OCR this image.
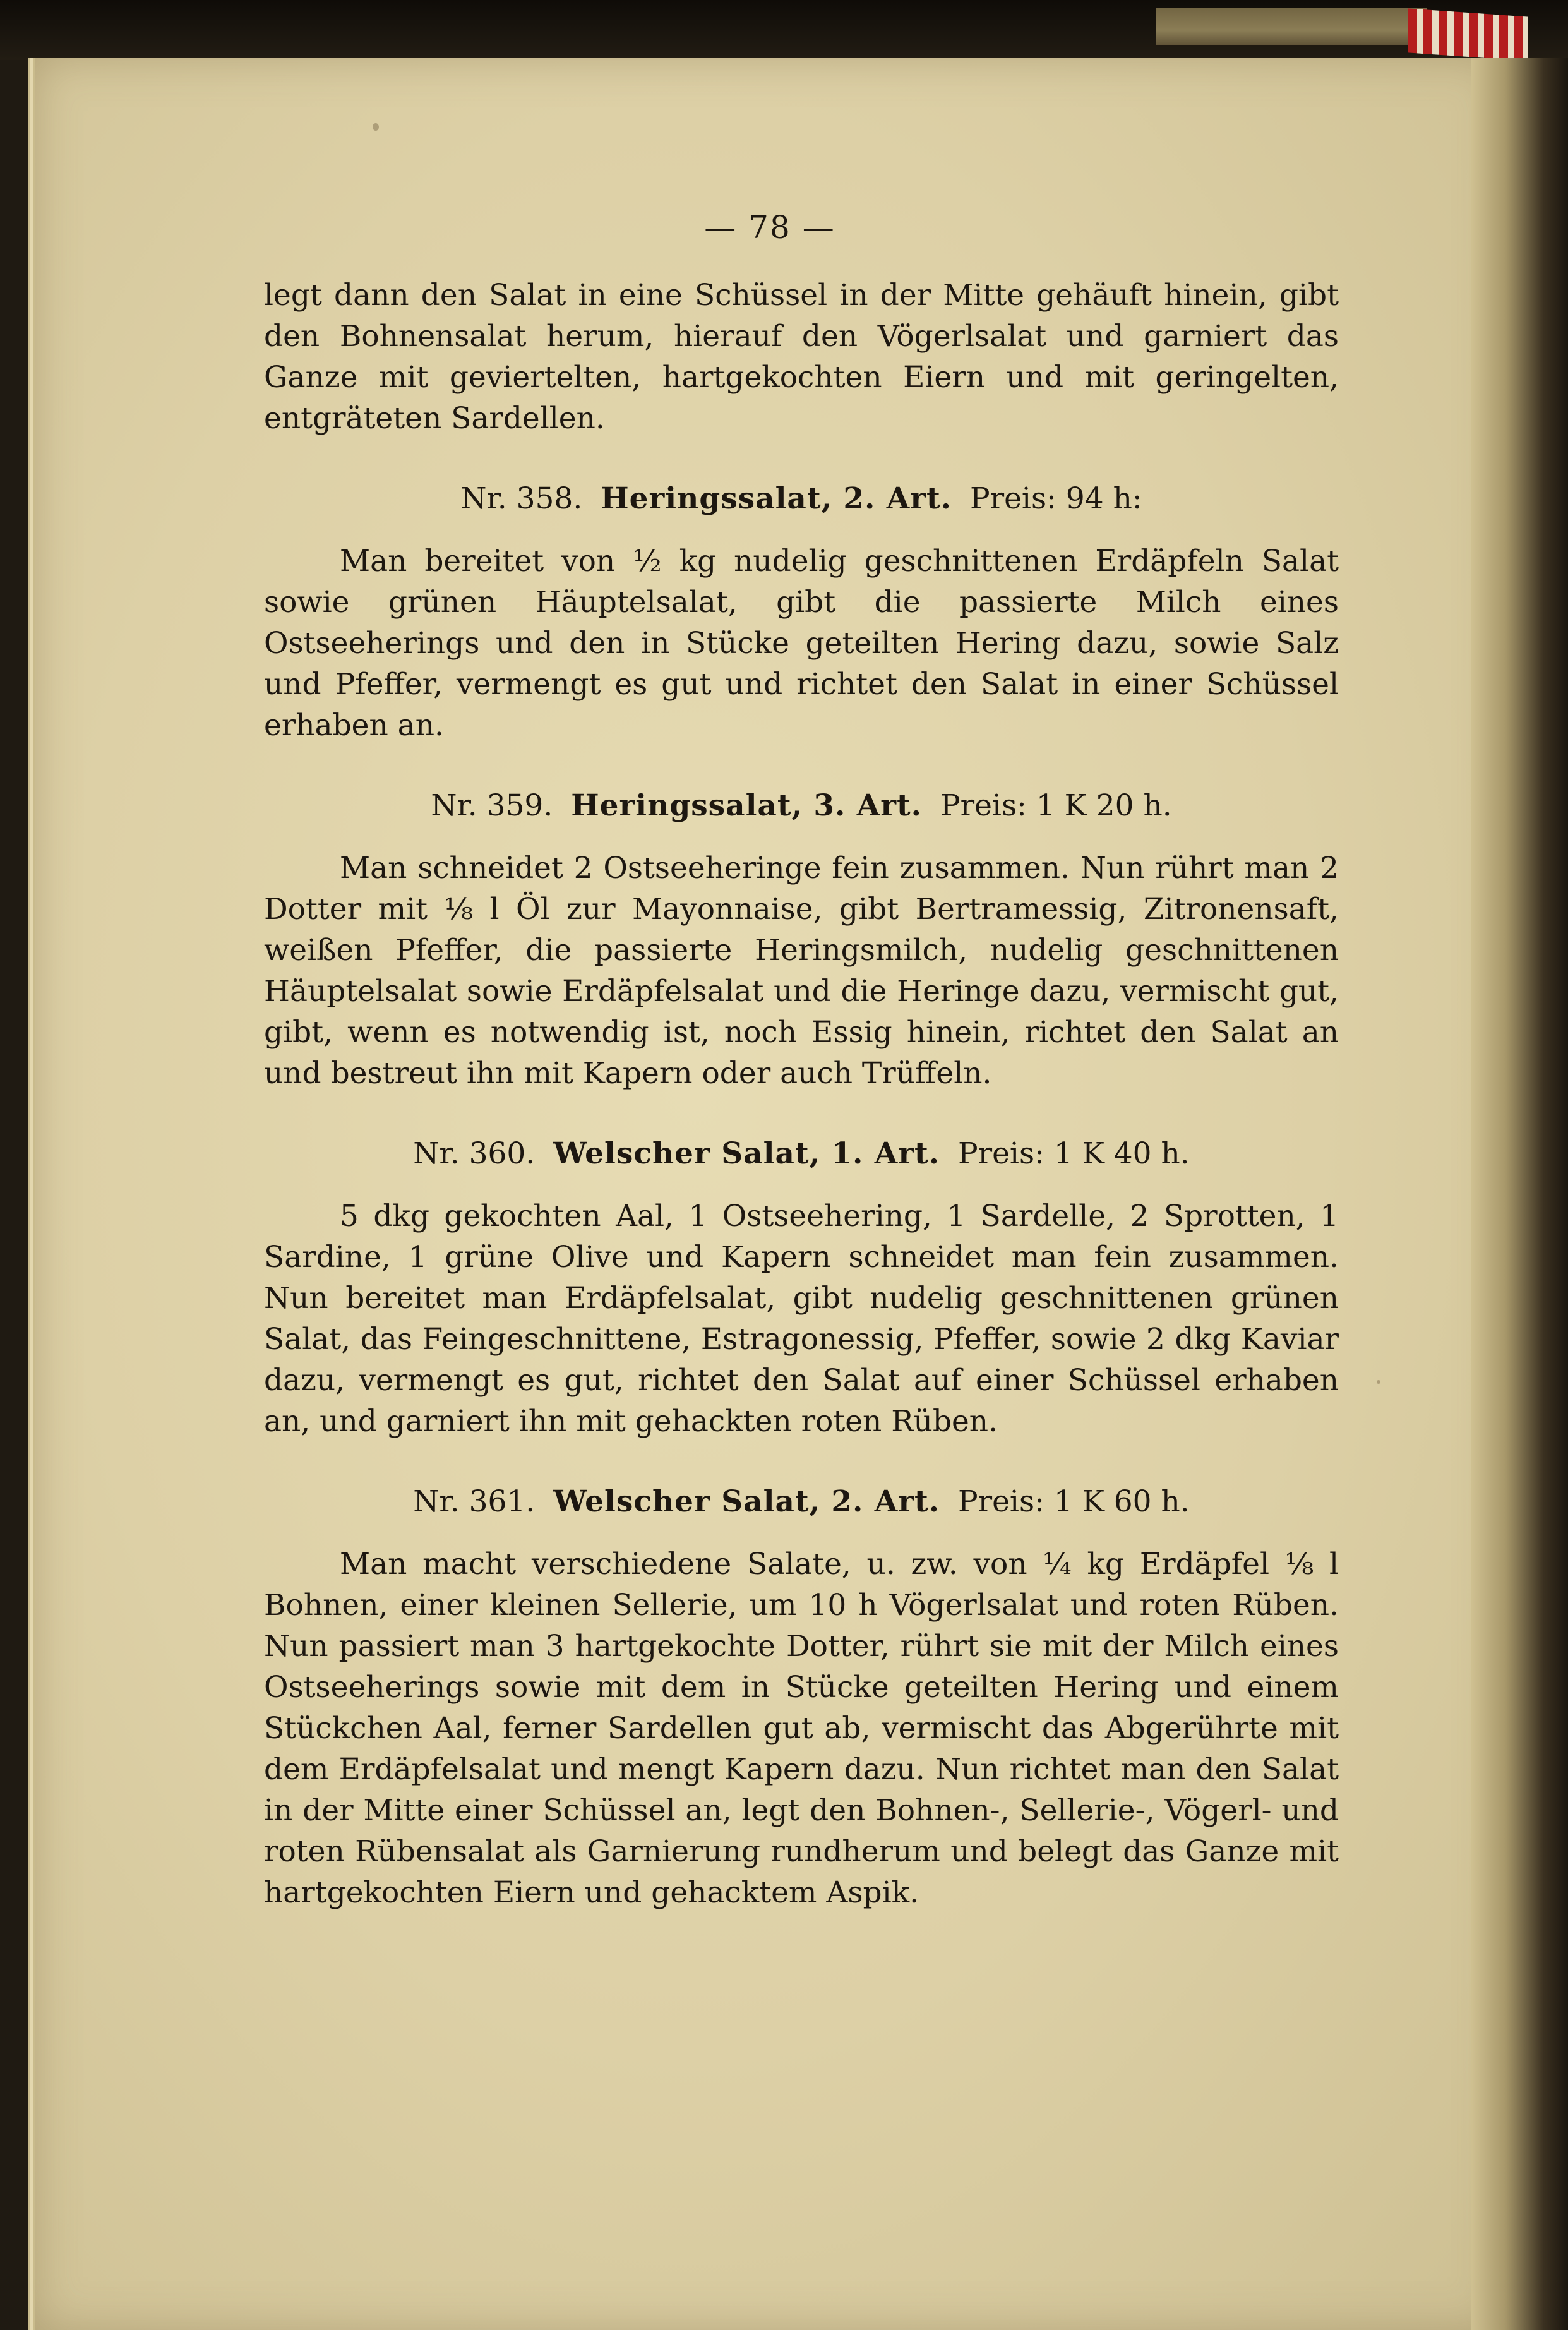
— 78 —

legt dann den Salat in eine Schüssel in der Mitte gehäuft hinein, gibt den Bohnensalat herum, hierauf den Vögerlsalat und garniert das Ganze mit geviertelten, hartgekochten Eiern und mit geringelten, entgräteten Sardellen.

Nr. 358. Heringssalat, 2. Art. Preis: 94 h:

Man bereitet von ½ kg nudelig geschnittenen Erdäpfeln Salat sowie grünen Häuptelsalat, gibt die passierte Milch eines Ostseeherings und den in Stücke geteilten Hering dazu, sowie Salz und Pfeffer, vermengt es gut und richtet den Salat in einer Schüssel erhaben an.

Nr. 359. Heringssalat, 3. Art. Preis: 1 K 20 h.

Man schneidet 2 Ostseeheringe fein zusammen. Nun rührt man 2 Dotter mit ⅛ l Öl zur Mayonnaise, gibt Bertramessig, Zitronensaft, weißen Pfeffer, die passierte Heringsmilch, nudelig geschnittenen Häuptelsalat sowie Erdäpfelsalat und die Heringe dazu, vermischt gut, gibt, wenn es notwendig ist, noch Essig hinein, richtet den Salat an und bestreut ihn mit Kapern oder auch Trüffeln.

Nr. 360. Welscher Salat, 1. Art. Preis: 1 K 40 h.

5 dkg gekochten Aal, 1 Ostseehering, 1 Sardelle, 2 Sprotten, 1 Sardine, 1 grüne Olive und Kapern schneidet man fein zusammen. Nun bereitet man Erdäpfelsalat, gibt nudelig geschnittenen grünen Salat, das Feingeschnittene, Estragonessig, Pfeffer, sowie 2 dkg Kaviar dazu, vermengt es gut, richtet den Salat auf einer Schüssel erhaben an, und garniert ihn mit gehackten roten Rüben.

Nr. 361. Welscher Salat, 2. Art. Preis: 1 K 60 h.

Man macht verschiedene Salate, u. zw. von ¼ kg Erdäpfel ⅛ l Bohnen, einer kleinen Sellerie, um 10 h Vögerlsalat und roten Rüben. Nun passiert man 3 hartgekochte Dotter, rührt sie mit der Milch eines Ostseeherings sowie mit dem in Stücke geteilten Hering und einem Stückchen Aal, ferner Sardellen gut ab, vermischt das Abgerührte mit dem Erdäpfelsalat und mengt Kapern dazu. Nun richtet man den Salat in der Mitte einer Schüssel an, legt den Bohnen-, Sellerie-, Vögerl- und roten Rübensalat als Garnierung rundherum und belegt das Ganze mit hartgekochten Eiern und gehacktem Aspik.
